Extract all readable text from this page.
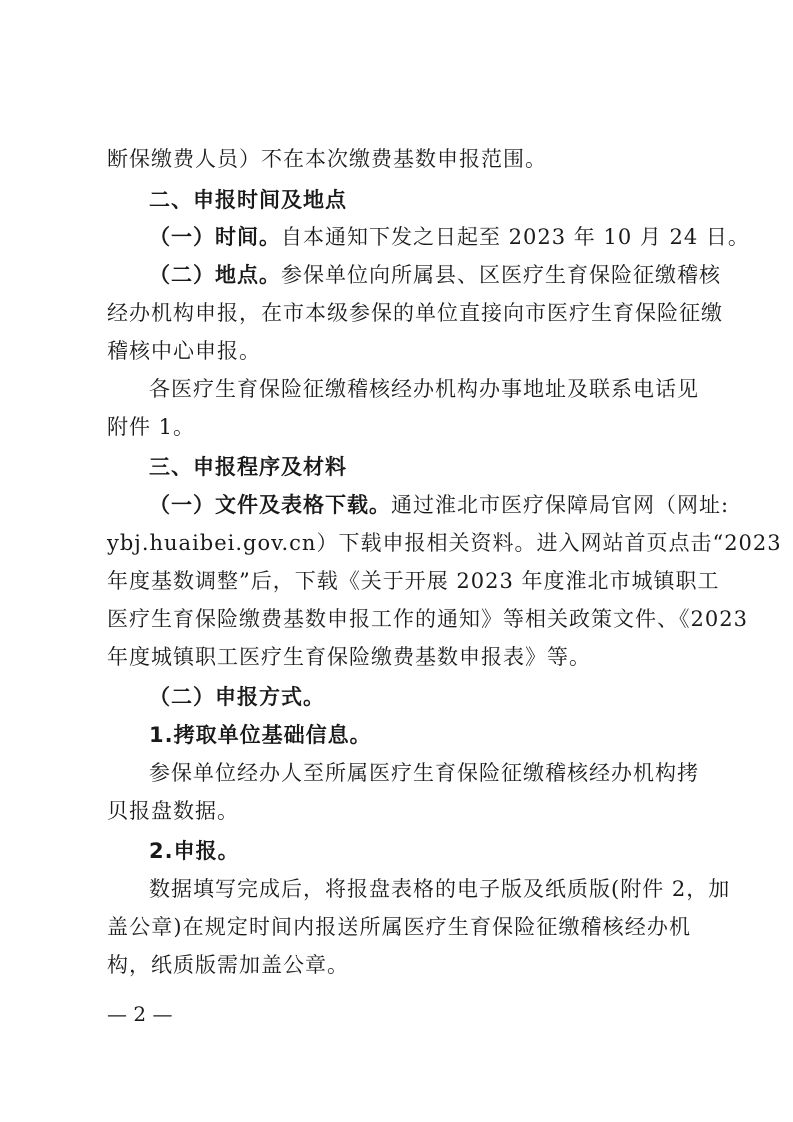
断保缴费人员）不在本次缴费基数申报范围。
二、申报时间及地点
（一）时间。自本通知下发之日起至 2023 年 10 月 24 日。
（二）地点。参保单位向所属县、区医疗生育保险征缴稽核
经办机构申报，在市本级参保的单位直接向市医疗生育保险征缴
稽核中心申报。
各医疗生育保险征缴稽核经办机构办事地址及联系电话见
附件 1。
三、申报程序及材料
（一）文件及表格下载。通过淮北市医疗保障局官网（网址:
ybj.huaibei.gov.cn）下载申报相关资料。进入网站首页点击“2023
年度基数调整”后，下载《关于开展 2023 年度淮北市城镇职工
医疗生育保险缴费基数申报工作的通知》等相关政策文件、《2023
年度城镇职工医疗生育保险缴费基数申报表》等。
（二）申报方式。
1.拷取单位基础信息。
参保单位经办人至所属医疗生育保险征缴稽核经办机构拷
贝报盘数据。
2.申报。
数据填写完成后，将报盘表格的电子版及纸质版(附件 2，加
盖公章)在规定时间内报送所属医疗生育保险征缴稽核经办机
构，纸质版需加盖公章。
— 2 —
